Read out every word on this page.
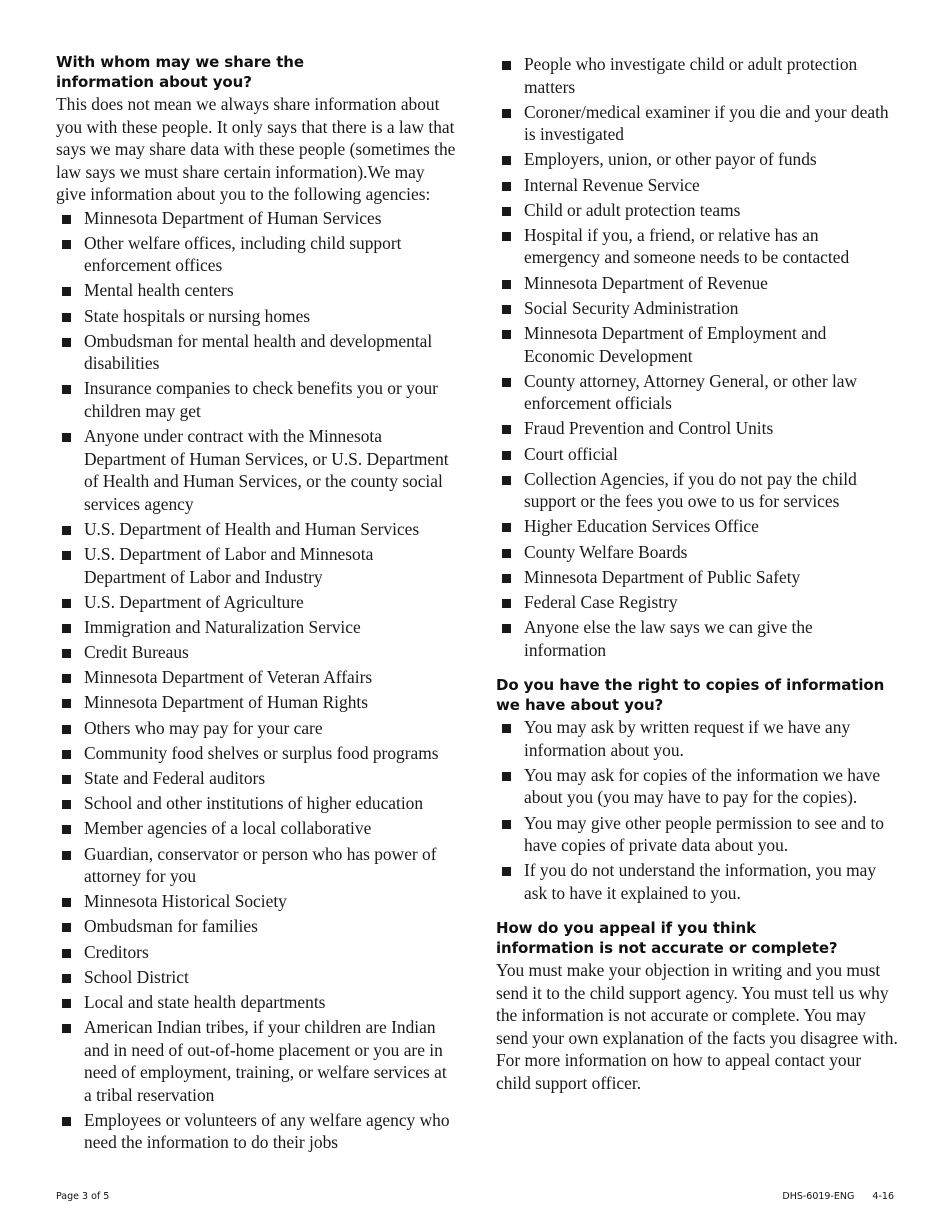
With whom may we share the information about you?

This does not mean we always share information about you with these people. It only says that there is a law that says we may share data with these people (sometimes the law says we must share certain information).We may give information about you to the following agencies:

Minnesota Department of Human Services
Other welfare offices, including child support enforcement offices
Mental health centers
State hospitals or nursing homes
Ombudsman for mental health and developmental disabilities
Insurance companies to check benefits you or your children may get
Anyone under contract with the Minnesota Department of Human Services, or U.S. Department of Health and Human Services, or the county social services agency
U.S. Department of Health and Human Services
U.S. Department of Labor and Minnesota Department of Labor and Industry
U.S. Department of Agriculture
Immigration and Naturalization Service
Credit Bureaus
Minnesota Department of Veteran Affairs
Minnesota Department of Human Rights
Others who may pay for your care
Community food shelves or surplus food programs
State and Federal auditors
School and other institutions of higher education
Member agencies of a local collaborative
Guardian, conservator or person who has power of attorney for you
Minnesota Historical Society
Ombudsman for families
Creditors
School District
Local and state health departments
American Indian tribes, if your children are Indian and in need of out-of-home placement or you are in need of employment, training, or welfare services at a tribal reservation
Employees or volunteers of any welfare agency who need the information to do their jobs
People who investigate child or adult protection matters
Coroner/medical examiner if you die and your death is investigated
Employers, union, or other payor of funds
Internal Revenue Service
Child or adult protection teams
Hospital if you, a friend, or relative has an emergency and someone needs to be contacted
Minnesota Department of Revenue
Social Security Administration
Minnesota Department of Employment and Economic Development
County attorney, Attorney General, or other law enforcement officials
Fraud Prevention and Control Units
Court official
Collection Agencies, if you do not pay the child support or the fees you owe to us for services
Higher Education Services Office
County Welfare Boards
Minnesota Department of Public Safety
Federal Case Registry
Anyone else the law says we can give the information
Do you have the right to copies of information we have about you?
You may ask by written request if we have any information about you.
You may ask for copies of the information we have about you (you may have to pay for the copies).
You may give other people permission to see and to have copies of private data about you.
If you do not understand the information, you may ask to have it explained to you.
How do you appeal if you think information is not accurate or complete?

You must make your objection in writing and you must send it to the child support agency. You must tell us why the information is not accurate or complete. You may send your own explanation of the facts you disagree with. For more information on how to appeal contact your child support officer.

Page 3 of 5	DHS-6019-ENG   4-16
